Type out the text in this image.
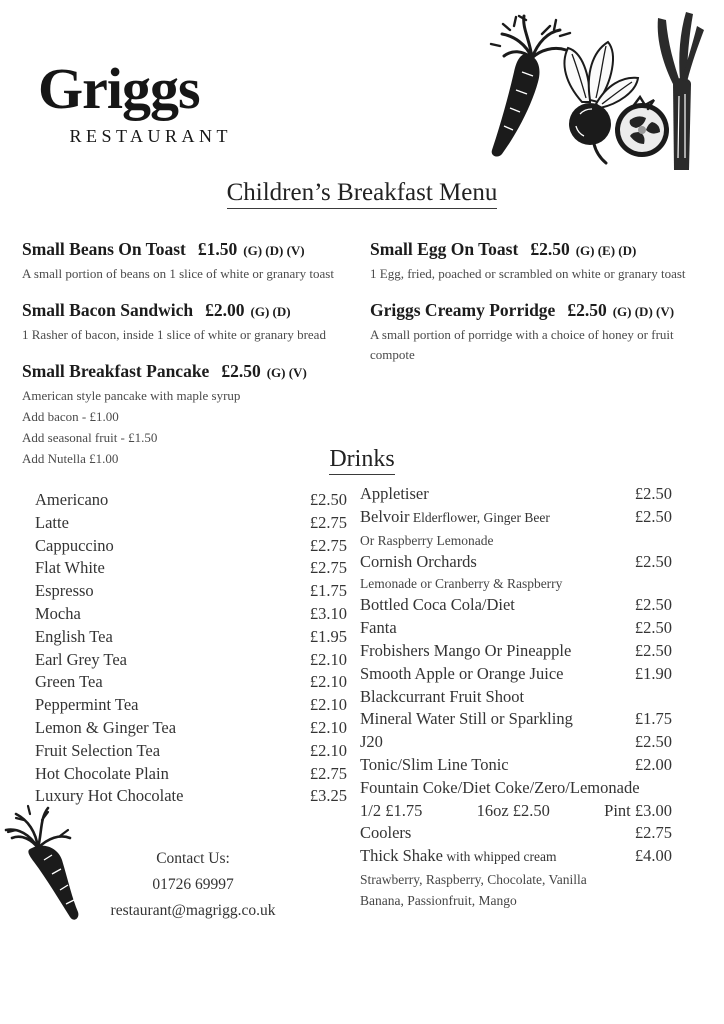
Griggs
RESTAURANT
Children’s Breakfast Menu
Small Beans On Toast £1.50 (G) (D) (V)
A small portion of beans on 1 slice of white or granary toast
Small Bacon Sandwich £2.00 (G) (D)
1 Rasher of bacon, inside 1 slice of white or granary bread
Small Breakfast Pancake £2.50 (G) (V)
American style pancake with maple syrup
Add bacon - £1.00
Add seasonal fruit - £1.50
Add Nutella £1.00
Small Egg On Toast £2.50 (G) (E) (D)
1 Egg, fried, poached or scrambled on white or granary toast
Griggs Creamy Porridge £2.50 (G) (D) (V)
A small portion of porridge with a choice of honey or fruit compote
Drinks
Americano	£2.50
Latte	£2.75
Cappuccino	£2.75
Flat White	£2.75
Espresso	£1.75
Mocha	£3.10
English Tea	£1.95
Earl Grey Tea	£2.10
Green Tea	£2.10
Peppermint Tea	£2.10
Lemon & Ginger Tea	£2.10
Fruit Selection Tea	£2.10
Hot Chocolate Plain	£2.75
Luxury Hot Chocolate	£3.25
Appletiser	£2.50
Belvoir Elderflower, Ginger Beer	£2.50
Or Raspberry Lemonade
Cornish Orchards	£2.50
Lemonade or Cranberry & Raspberry
Bottled Coca Cola/Diet	£2.50
Fanta	£2.50
Frobishers Mango Or Pineapple	£2.50
Smooth Apple or Orange Juice	£1.90
Blackcurrant Fruit Shoot
Mineral Water Still or Sparkling	£1.75
J20	£2.50
Tonic/Slim Line Tonic	£2.00
Fountain Coke/Diet Coke/Zero/Lemonade
1/2 £1.75	16oz £2.50	Pint £3.00
Coolers	£2.75
Thick Shake with whipped cream	£4.00
Strawberry, Raspberry, Chocolate, Vanilla
Banana, Passionfruit, Mango
Contact Us:
01726 69997
restaurant@magrigg.co.uk
